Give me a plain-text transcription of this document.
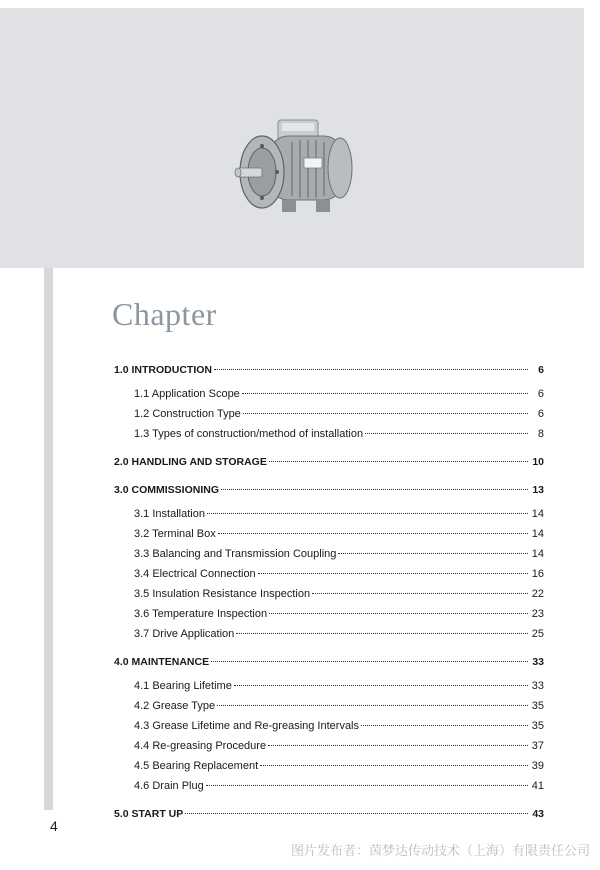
Chapter
1.0 INTRODUCTION	6
1.1 Application Scope	6
1.2 Construction Type	6
1.3 Types of construction/method of installation	8
2.0 HANDLING AND STORAGE	10
3.0 COMMISSIONING	13
3.1 Installation	14
3.2 Terminal Box	14
3.3 Balancing and Transmission Coupling	14
3.4 Electrical Connection	16
3.5 Insulation Resistance Inspection	22
3.6 Temperature Inspection	23
3.7 Drive Application	25
4.0 MAINTENANCE	33
4.1 Bearing Lifetime	33
4.2 Grease Type	35
4.3 Grease Lifetime and Re-greasing Intervals	35
4.4 Re-greasing Procedure	37
4.5 Bearing Replacement	39
4.6 Drain Plug	41
5.0 START UP	43
4
图片发布者：茵梦达传动技术（上海）有限责任公司
